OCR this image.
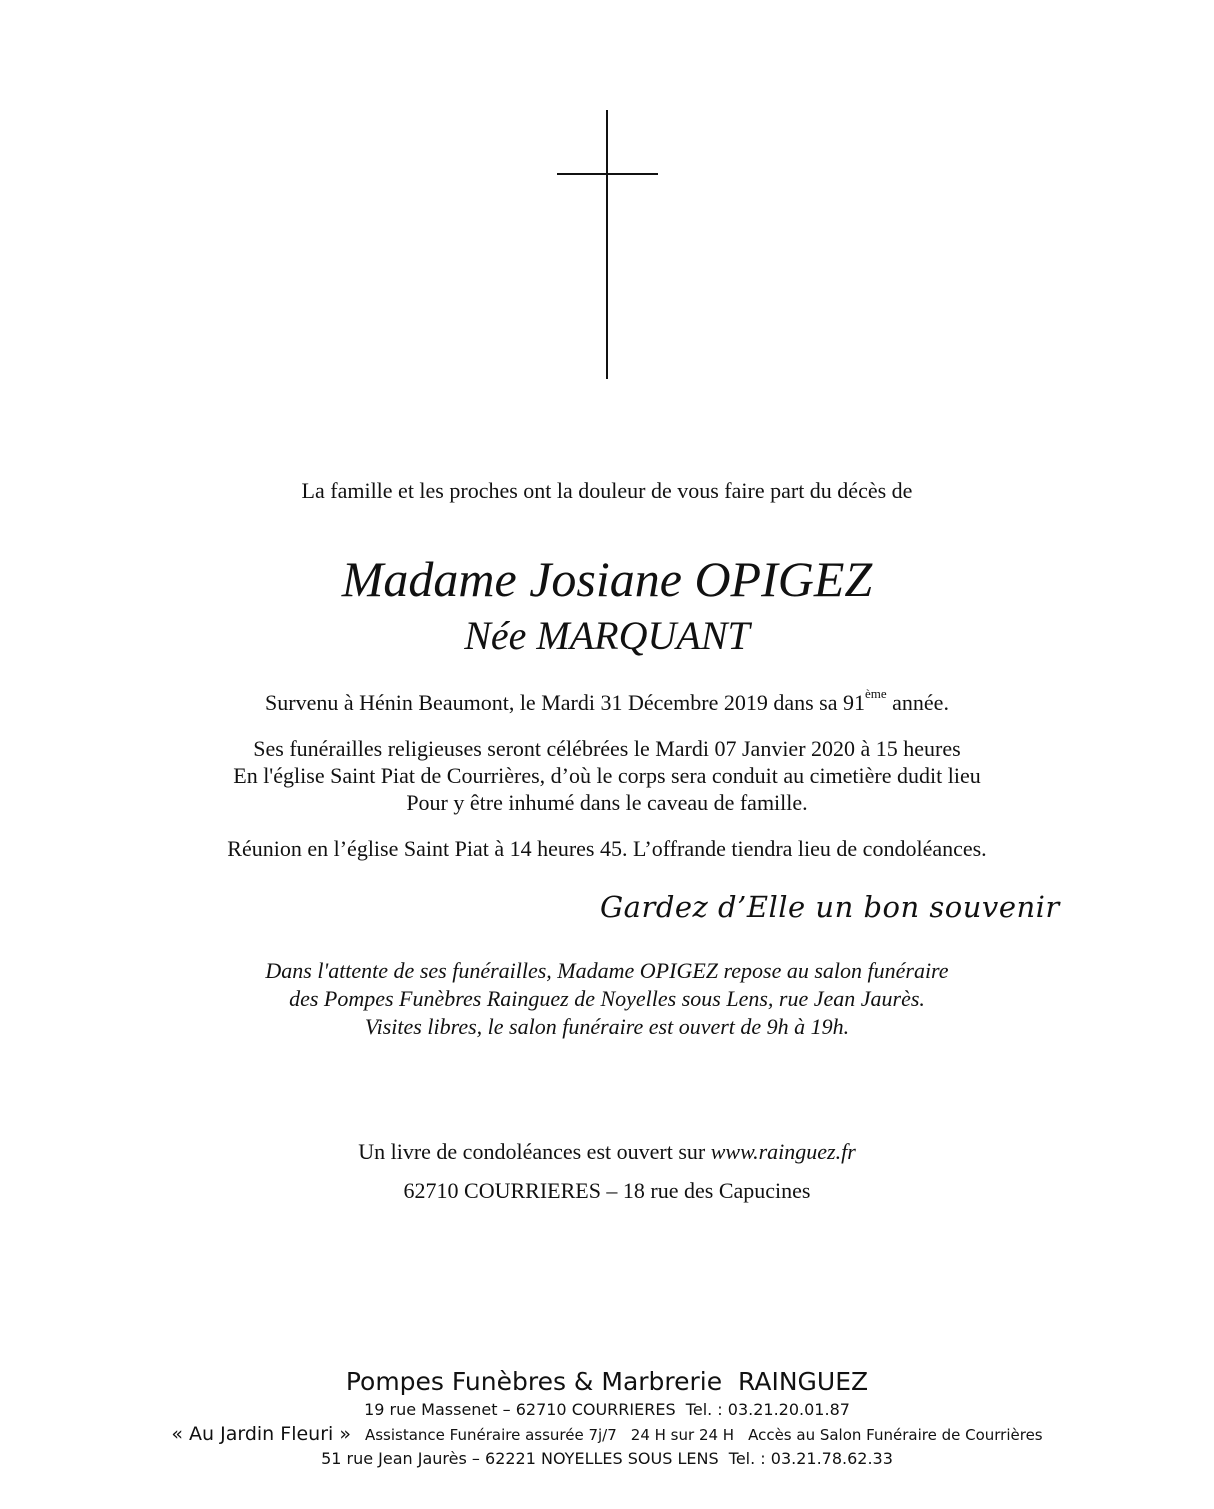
La famille et les proches ont la douleur de vous faire part du décès de
Madame Josiane OPIGEZ
Née MARQUANT
Survenu à Hénin Beaumont, le Mardi 31 Décembre 2019 dans sa 91ème année.
Ses funérailles religieuses seront célébrées le Mardi 07 Janvier 2020 à 15 heures
En l'église Saint Piat de Courrières, d’où le corps sera conduit au cimetière dudit lieu
Pour y être inhumé dans le caveau de famille.
Réunion en l’église Saint Piat à 14 heures 45. L’offrande tiendra lieu de condoléances.
Gardez d’Elle un bon souvenir
Dans l'attente de ses funérailles, Madame OPIGEZ repose au salon funéraire
des Pompes Funèbres Rainguez de Noyelles sous Lens, rue Jean Jaurès.
Visites libres, le salon funéraire est ouvert de 9h à 19h.
Un livre de condoléances est ouvert sur www.rainguez.fr
62710 COURRIERES – 18 rue des Capucines
Pompes Funèbres & Marbrerie  RAINGUEZ
19 rue Massenet – 62710 COURRIERES  Tel. : 03.21.20.01.87
« Au Jardin Fleuri » Assistance Funéraire assurée 7j/7 24 H sur 24 H Accès au Salon Funéraire de Courrières
51 rue Jean Jaurès – 62221 NOYELLES SOUS LENS  Tel. : 03.21.78.62.33
